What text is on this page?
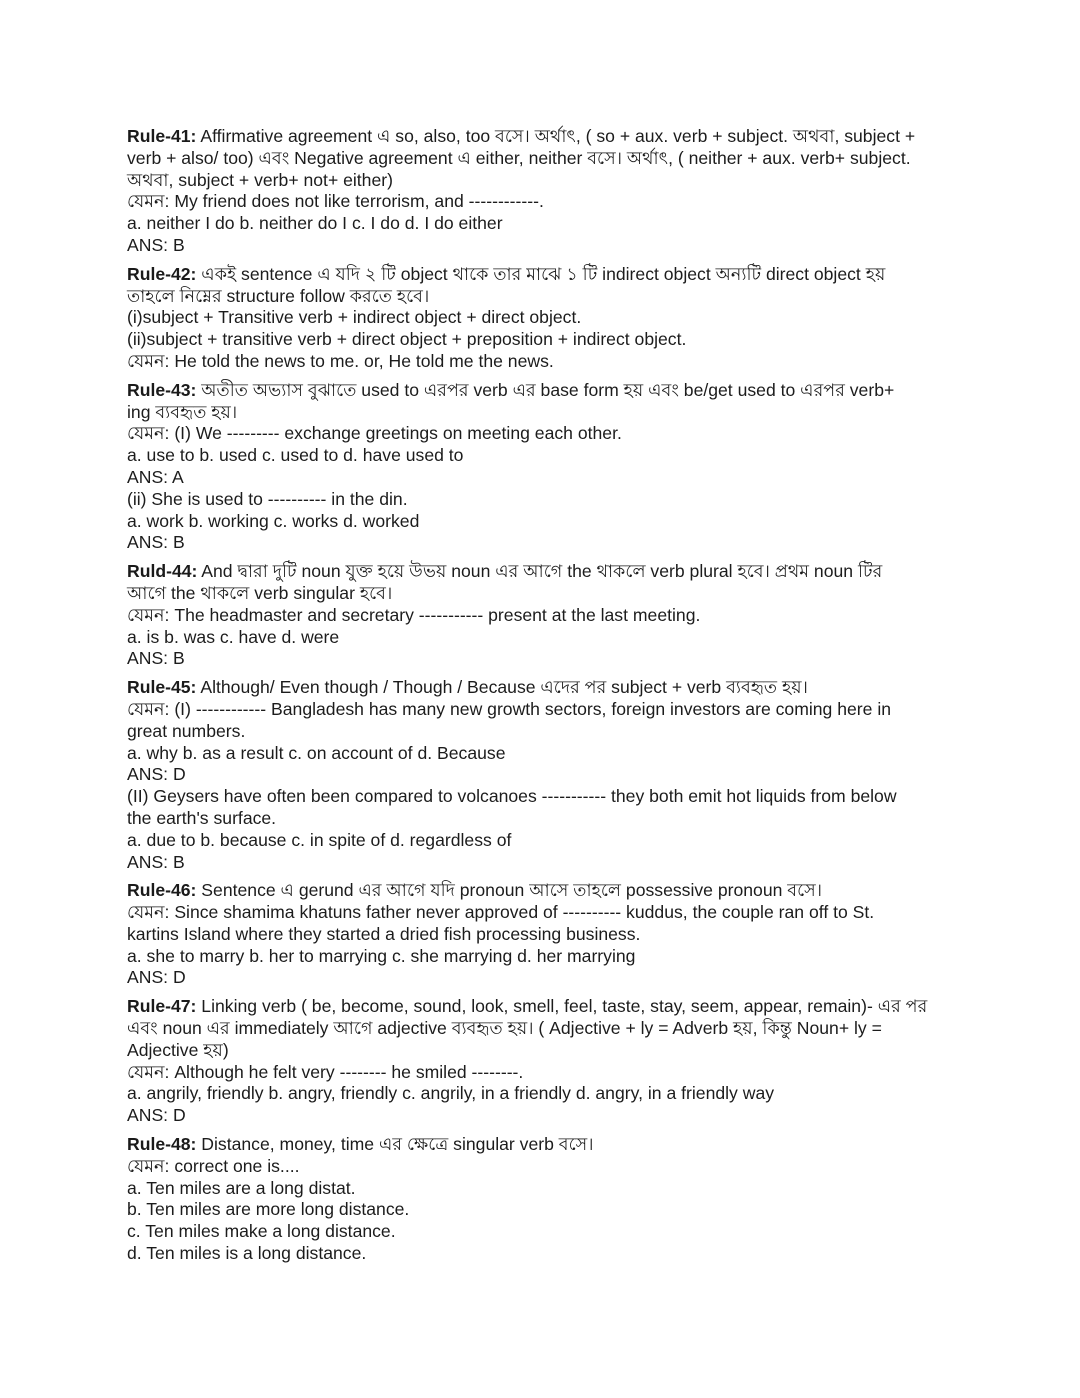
Rule-41: Affirmative agreement এ so, also, too বসে। অর্থাৎ, ( so + aux. verb + subject. অথবা, subject +
verb + also/ too) এবং Negative agreement এ either, neither বসে। অর্থাৎ, ( neither + aux. verb+ subject.
অথবা, subject + verb+ not+ either)
যেমন: My friend does not like terrorism, and ------------.
a. neither I do b. neither do I c. I do d. I do either
ANS: B
Rule-42: একই sentence এ যদি ২ টি object থাকে তার মাঝে ১ টি indirect object অন্যটি direct object হয়
তাহলে নিম্নের structure follow করতে হবে।
(i)subject + Transitive verb + indirect object + direct object.
(ii)subject + transitive verb + direct object + preposition + indirect object.
যেমন: He told the news to me. or, He told me the news.
Rule-43: অতীত অভ্যাস বুঝাতে used to এরপর verb এর base form হয় এবং be/get used to এরপর verb+
ing ব্যবহৃত হয়।
যেমন: (I) We --------- exchange greetings on meeting each other.
a. use to b. used c. used to d. have used to
ANS: A
(ii) She is used to ---------- in the din.
a. work b. working c. works d. worked
ANS: B
Ruld-44: And দ্বারা দুটি noun যুক্ত হয়ে উভয় noun এর আগে the থাকলে verb plural হবে। প্রথম noun টির
আগে the থাকলে verb singular হবে।
যেমন: The headmaster and secretary ----------- present at the last meeting.
a. is b. was c. have d. were
ANS: B
Rule-45: Although/ Even though / Though / Because এদের পর subject + verb ব্যবহৃত হয়।
যেমন: (I) ------------ Bangladesh has many new growth sectors, foreign investors are coming here in
great numbers.
a. why b. as a result c. on account of d. Because
ANS: D
(II) Geysers have often been compared to volcanoes ----------- they both emit hot liquids from below
the earth's surface.
a. due to b. because c. in spite of d. regardless of
ANS: B
Rule-46: Sentence এ gerund এর আগে যদি pronoun আসে তাহলে possessive pronoun বসে।
যেমন: Since shamima khatuns father never approved of ---------- kuddus, the couple ran off to St.
kartins Island where they started a dried fish processing business.
a. she to marry b. her to marrying c. she marrying d. her marrying
ANS: D
Rule-47: Linking verb ( be, become, sound, look, smell, feel, taste, stay, seem, appear, remain)- এর পর
এবং noun এর immediately আগে adjective ব্যবহৃত হয়। ( Adjective + ly = Adverb হয়, কিন্তু Noun+ ly =
Adjective হয়)
যেমন: Although he felt very -------- he smiled --------.
a. angrily, friendly b. angry, friendly c. angrily, in a friendly d. angry, in a friendly way
ANS: D
Rule-48: Distance, money, time এর ক্ষেত্রে singular verb বসে।
যেমন: correct one is....
a. Ten miles are a long distat.
b. Ten miles are more long distance.
c. Ten miles make a long distance.
d. Ten miles is a long distance.
